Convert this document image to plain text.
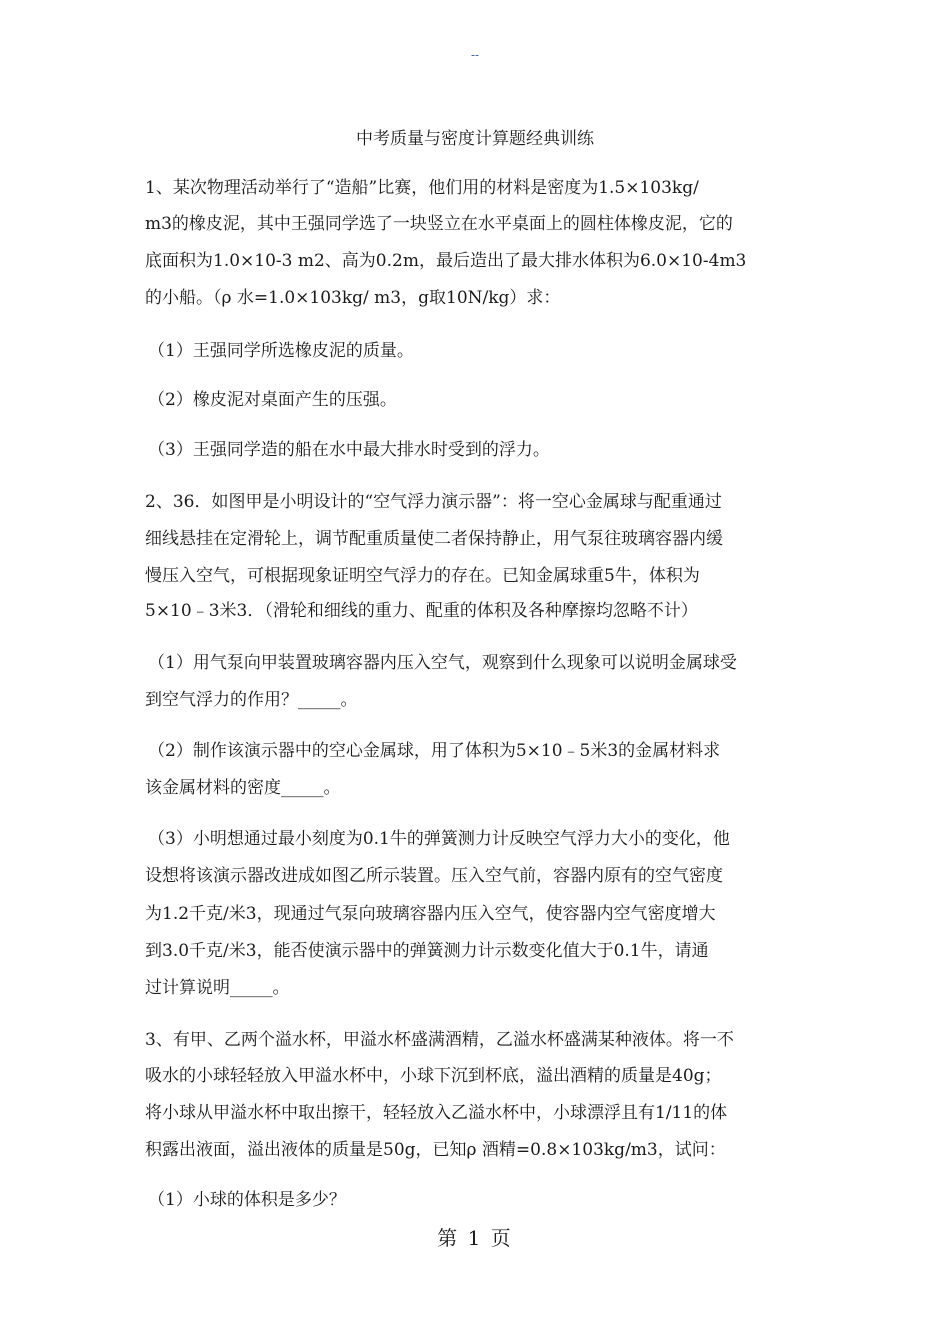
--
中考质量与密度计算题经典训练
1、某次物理活动举行了“造船”比赛，他们用的材料是密度为1.5×103kg/
m3的橡皮泥，其中王强同学选了一块竖立在水平桌面上的圆柱体橡皮泥，它的
底面积为1.0×10-3 m2、高为0.2m，最后造出了最大排水体积为6.0×10-4m3
的小船。（ρ 水=1.0×103kg/ m3，g取10N/kg）求：
（1）王强同学所选橡皮泥的质量。
（2）橡皮泥对桌面产生的压强。
（3）王强同学造的船在水中最大排水时受到的浮力。
2、36．如图甲是小明设计的“空气浮力演示器”：将一空心金属球与配重通过
细线悬挂在定滑轮上，调节配重质量使二者保持静止，用气泵往玻璃容器内缓
慢压入空气，可根据现象证明空气浮力的存在。已知金属球重5牛，体积为
5×10﹣3米3．（滑轮和细线的重力、配重的体积及各种摩擦均忽略不计）
（1）用气泵向甲装置玻璃容器内压入空气，观察到什么现象可以说明金属球受
到空气浮力的作用？_____。
（2）制作该演示器中的空心金属球，用了体积为5×10﹣5米3的金属材料求
该金属材料的密度_____。
（3）小明想通过最小刻度为0.1牛的弹簧测力计反映空气浮力大小的变化，他
设想将该演示器改进成如图乙所示装置。压入空气前，容器内原有的空气密度
为1.2千克/米3，现通过气泵向玻璃容器内压入空气，使容器内空气密度增大
到3.0千克/米3，能否使演示器中的弹簧测力计示数变化值大于0.1牛，请通
过计算说明_____。
3、有甲、乙两个溢水杯，甲溢水杯盛满酒精，乙溢水杯盛满某种液体。将一不
吸水的小球轻轻放入甲溢水杯中，小球下沉到杯底，溢出酒精的质量是40g；
将小球从甲溢水杯中取出擦干，轻轻放入乙溢水杯中，小球漂浮且有1/11的体
积露出液面，溢出液体的质量是50g，已知ρ 酒精=0.8×103kg/m3，试问：
（1）小球的体积是多少？
第 1 页
